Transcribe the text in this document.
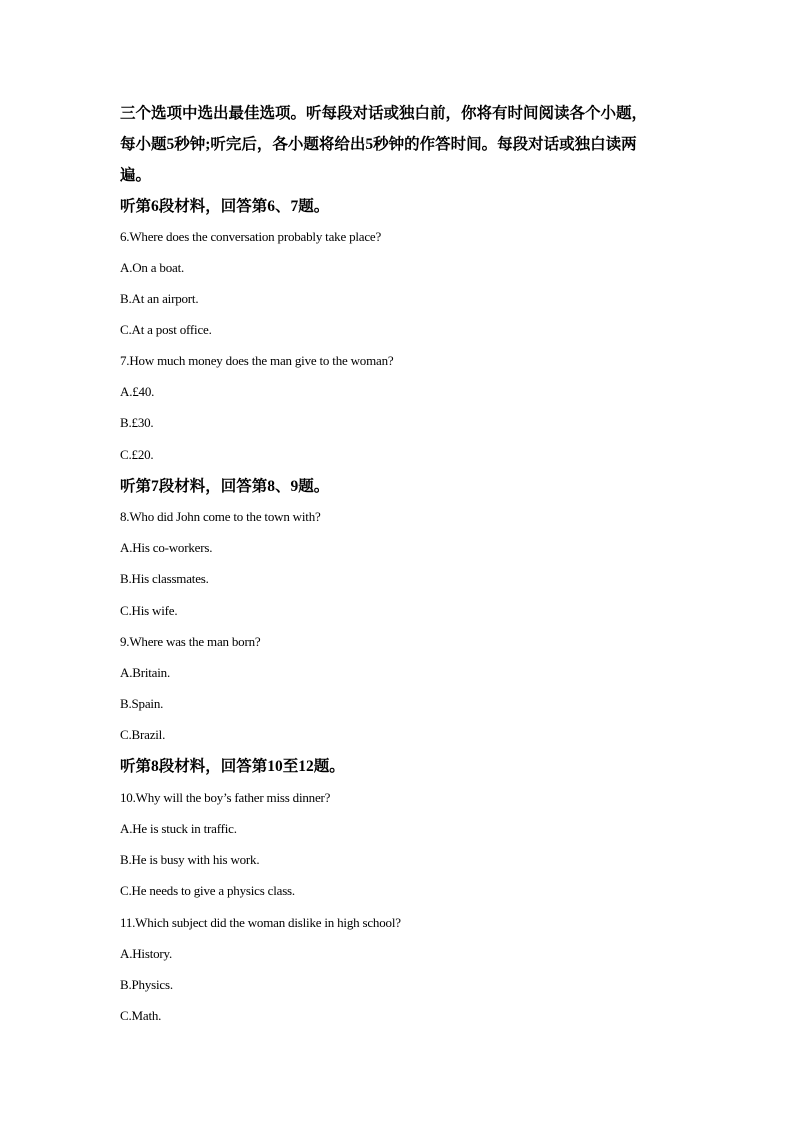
三个选项中选出最佳选项。听每段对话或独白前，你将有时间阅读各个小题，
每小题5秒钟;听完后，各小题将给出5秒钟的作答时间。每段对话或独白读两
遍。
听第6段材料，回答第6、7题。
6.Where does the conversation probably take place?
A.On a boat.
B.At an airport.
C.At a post office.
7.How much money does the man give to the woman?
A.£40.
B.£30.
C.£20.
听第7段材料，回答第8、9题。
8.Who did John come to the town with?
A.His co-workers.
B.His classmates.
C.His wife.
9.Where was the man born?
A.Britain.
B.Spain.
C.Brazil.
听第8段材料，回答第10至12题。
10.Why will the boy’s father miss dinner?
A.He is stuck in traffic.
B.He is busy with his work.
C.He needs to give a physics class.
11.Which subject did the woman dislike in high school?
A.History.
B.Physics.
C.Math.
